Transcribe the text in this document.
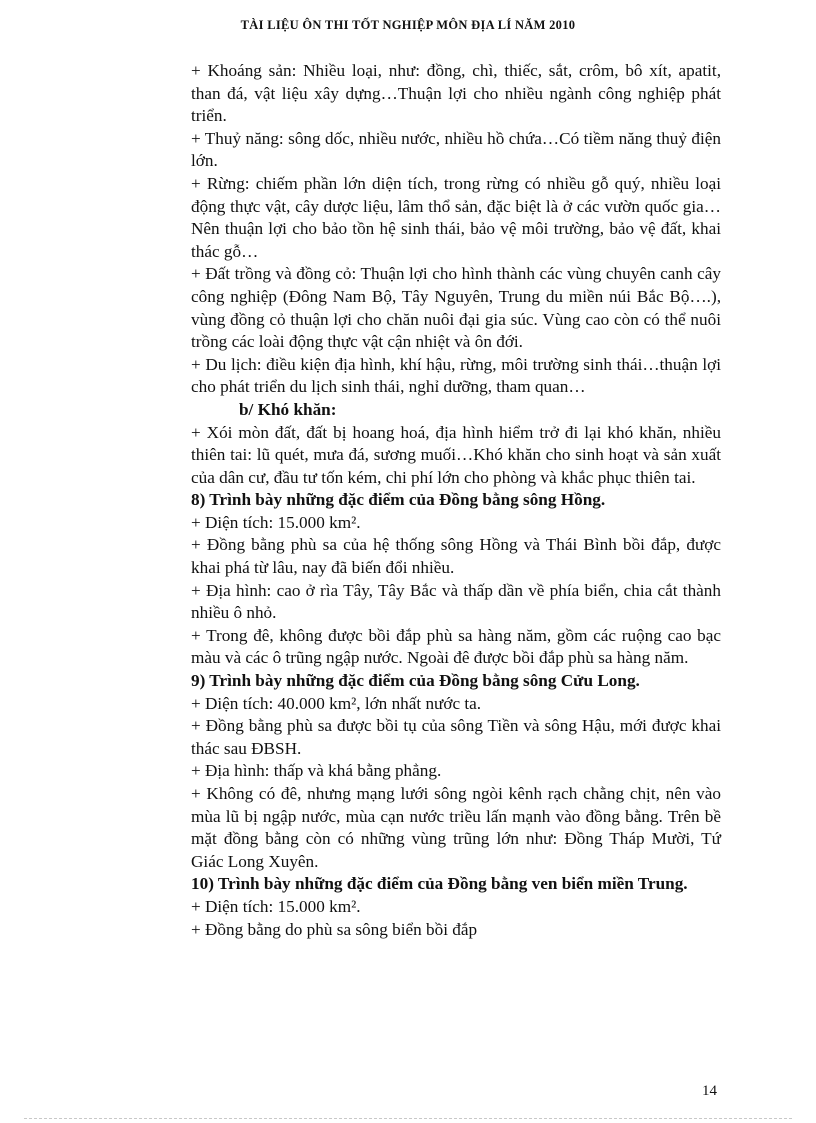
TÀI LIỆU ÔN THI TỐT NGHIỆP MÔN ĐỊA LÍ NĂM 2010

+ Khoáng sản: Nhiều loại, như: đồng, chì, thiếc, sắt, crôm, bô xít, apatit, than đá, vật liệu xây dựng…Thuận lợi cho nhiều ngành công nghiệp phát triển.

+ Thuỷ năng: sông dốc, nhiều nước, nhiều hồ chứa…Có tiềm năng thuỷ điện lớn.

+ Rừng: chiếm phần lớn diện tích, trong rừng có nhiều gỗ quý, nhiều loại động thực vật, cây dược liệu, lâm thổ sản, đặc biệt là ở các vườn quốc gia…Nên thuận lợi cho bảo tồn hệ sinh thái, bảo vệ môi trường, bảo vệ đất, khai thác gỗ…

+ Đất trồng và đồng cỏ: Thuận lợi cho hình thành các vùng chuyên canh cây công nghiệp (Đông Nam Bộ, Tây Nguyên, Trung du miền núi Bắc Bộ….), vùng đồng cỏ thuận lợi cho chăn nuôi đại gia súc. Vùng cao còn có thể nuôi trồng các loài động thực vật cận nhiệt và ôn đới.

+ Du lịch: điều kiện địa hình, khí hậu, rừng, môi trường sinh thái…thuận lợi cho phát triển du lịch sinh thái, nghỉ dưỡng, tham quan…

b/ Khó khăn:

+ Xói mòn đất, đất bị hoang hoá, địa hình hiểm trở đi lại khó khăn, nhiều thiên tai: lũ quét, mưa đá, sương muối…Khó khăn cho sinh hoạt và sản xuất của dân cư, đầu tư tốn kém, chi phí lớn cho phòng và khắc phục thiên tai.

8) Trình bày những đặc điểm của Đồng bằng sông Hồng.

+ Diện tích: 15.000 km².

+ Đồng bằng phù sa của hệ thống sông Hồng và Thái Bình bồi đắp, được khai phá từ lâu, nay đã biến đổi nhiều.

+ Địa hình: cao ở rìa Tây, Tây Bắc và thấp dần về phía biển, chia cắt thành nhiều ô nhỏ.

+ Trong đê, không được bồi đắp phù sa hàng năm, gồm các ruộng cao bạc màu và các ô trũng ngập nước. Ngoài đê được bồi đắp phù sa hàng năm.

9) Trình bày những đặc điểm của Đồng bằng sông Cửu Long.

+ Diện tích: 40.000 km², lớn nhất nước ta.

+ Đồng bằng phù sa được bồi tụ của sông Tiền và sông Hậu, mới được khai thác sau ĐBSH.

+ Địa hình: thấp và khá bằng phẳng.

+ Không có đê, nhưng mạng lưới sông ngòi kênh rạch chằng chịt, nên vào mùa lũ bị ngập nước, mùa cạn nước triều lấn mạnh vào đồng bằng. Trên bề mặt đồng bằng còn có những vùng trũng lớn như: Đồng Tháp Mười, Tứ Giác Long Xuyên.

10) Trình bày những đặc điểm của Đồng bằng ven biển miền Trung.

+ Diện tích: 15.000 km².

+ Đồng bằng do phù sa sông biển bồi đắp

14
